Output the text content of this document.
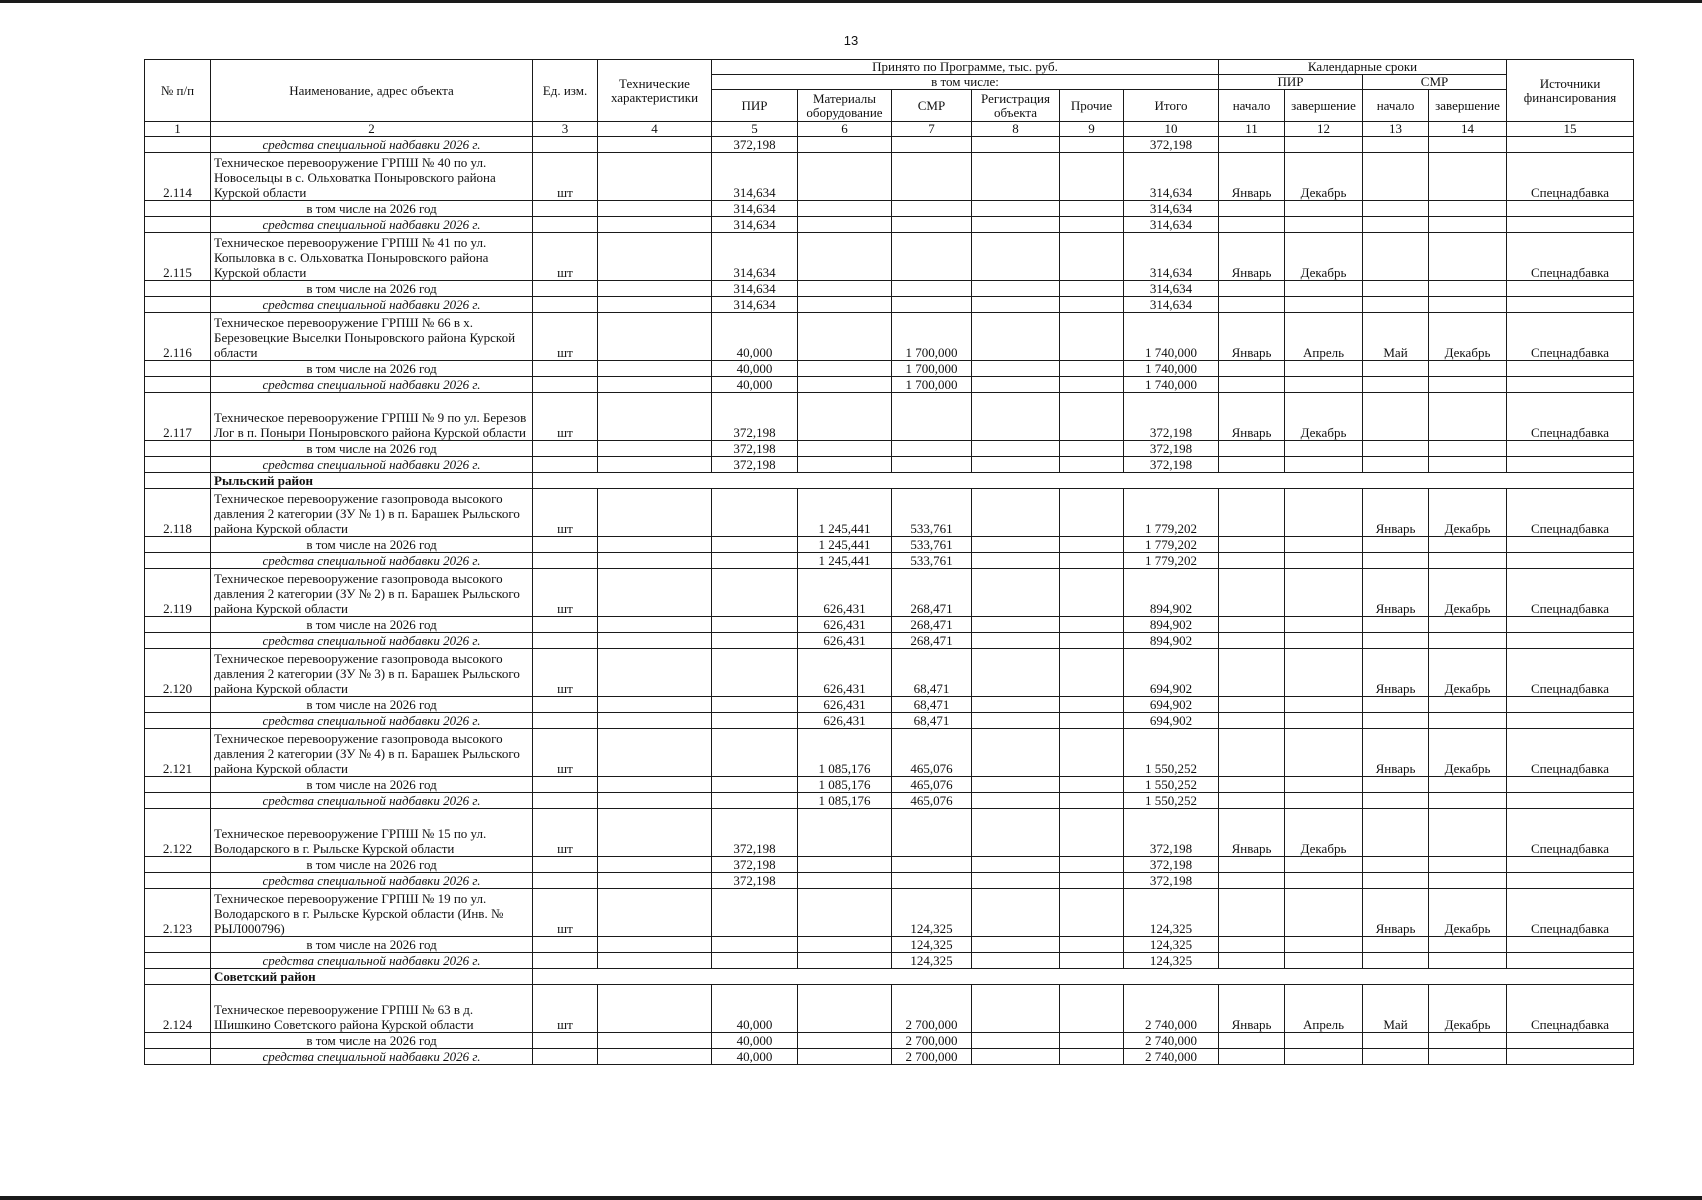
13
№ п/п	Наименование, адрес объекта	Ед. изм.	Технические характеристики	Принято по Программе, тыс. руб.						Календарные сроки				Источники финансирования
				в том числе:						ПИР		СМР		
				ПИР	Материалы оборудование	СМР	Регистрация объекта	Прочие	Итого	начало	завершение	начало	завершение	
1	2	3	4	5	6	7	8	9	10	11	12	13	14	15
	средства специальной надбавки 2026 г.			372,198					372,198					
2.114	Техническое перевооружение ГРПШ № 40 по ул. Новосельцы в с. Ольховатка Поныровского района Курской области	шт		314,634					314,634	Январь	Декабрь			Спецнадбавка
	в том числе на 2026 год			314,634					314,634					
	средства специальной надбавки 2026 г.			314,634					314,634					
2.115	Техническое перевооружение ГРПШ № 41 по ул. Копыловка в с. Ольховатка Поныровского района Курской области	шт		314,634					314,634	Январь	Декабрь			Спецнадбавка
	в том числе на 2026 год			314,634					314,634					
	средства специальной надбавки 2026 г.			314,634					314,634					
2.116	Техническое перевооружение ГРПШ № 66 в х. Березовецкие Выселки Поныровского района Курской области	шт		40,000		1 700,000			1 740,000	Январь	Апрель	Май	Декабрь	Спецнадбавка
	в том числе на 2026 год			40,000		1 700,000			1 740,000					
	средства специальной надбавки 2026 г.			40,000		1 700,000			1 740,000					
2.117	Техническое перевооружение ГРПШ № 9 по ул. Березов Лог в п. Поныри Поныровского района Курской области	шт		372,198					372,198	Январь	Декабрь			Спецнадбавка
	в том числе на 2026 год			372,198					372,198					
	средства специальной надбавки 2026 г.			372,198					372,198					
	Рыльский район													
2.118	Техническое перевооружение газопровода высокого давления 2 категории (ЗУ № 1) в п. Барашек Рыльского района Курской области	шт			1 245,441	533,761			1 779,202			Январь	Декабрь	Спецнадбавка
	в том числе на 2026 год				1 245,441	533,761			1 779,202					
	средства специальной надбавки 2026 г.				1 245,441	533,761			1 779,202					
2.119	Техническое перевооружение газопровода высокого давления 2 категории (ЗУ № 2) в п. Барашек Рыльского района Курской области	шт			626,431	268,471			894,902			Январь	Декабрь	Спецнадбавка
	в том числе на 2026 год				626,431	268,471			894,902					
	средства специальной надбавки 2026 г.				626,431	268,471			894,902					
2.120	Техническое перевооружение газопровода высокого давления 2 категории (ЗУ № 3) в п. Барашек Рыльского района Курской области	шт			626,431	68,471			694,902			Январь	Декабрь	Спецнадбавка
	в том числе на 2026 год				626,431	68,471			694,902					
	средства специальной надбавки 2026 г.				626,431	68,471			694,902					
2.121	Техническое перевооружение газопровода высокого давления 2 категории (ЗУ № 4) в п. Барашек Рыльского района Курской области	шт			1 085,176	465,076			1 550,252			Январь	Декабрь	Спецнадбавка
	в том числе на 2026 год				1 085,176	465,076			1 550,252					
	средства специальной надбавки 2026 г.				1 085,176	465,076			1 550,252					
2.122	Техническое перевооружение ГРПШ № 15 по ул. Володарского в г. Рыльске Курской области	шт		372,198					372,198	Январь	Декабрь			Спецнадбавка
	в том числе на 2026 год			372,198					372,198					
	средства специальной надбавки 2026 г.			372,198					372,198					
2.123	Техническое перевооружение ГРПШ № 19 по ул. Володарского в г. Рыльске Курской области (Инв. № РЫЛ000796)	шт				124,325			124,325			Январь	Декабрь	Спецнадбавка
	в том числе на 2026 год					124,325			124,325					
	средства специальной надбавки 2026 г.					124,325			124,325					
	Советский район													
2.124	Техническое перевооружение ГРПШ № 63 в д. Шишкино Советского района Курской области	шт		40,000		2 700,000			2 740,000	Январь	Апрель	Май	Декабрь	Спецнадбавка
	в том числе на 2026 год			40,000		2 700,000			2 740,000					
	средства специальной надбавки 2026 г.			40,000		2 700,000			2 740,000					
